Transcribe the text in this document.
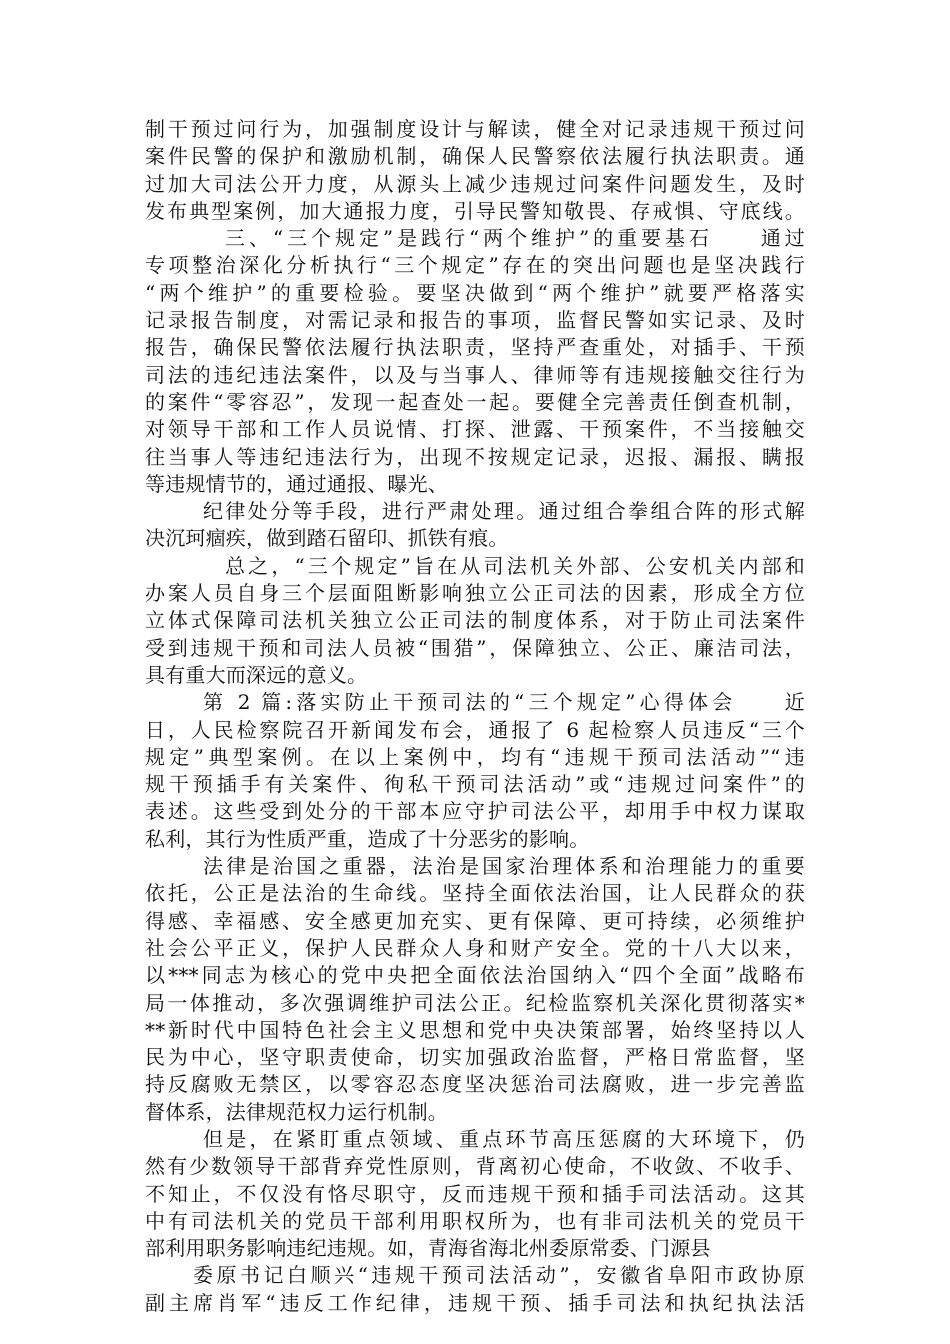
制干预过问行为，加强制度设计与解读，健全对记录违规干预过问
案件民警的保护和激励机制，确保人民警察依法履行执法职责。通
过加大司法公开力度，从源头上减少违规过问案件问题发生，及时
发布典型案例，加大通报力度，引导民警知敬畏、存戒惧、守底线。
三、“三个规定”是践行“两个维护”的重要基石　　通过
专项整治深化分析执行“三个规定”存在的突出问题也是坚决践行
“两个维护”的重要检验。要坚决做到“两个维护”就要严格落实
记录报告制度，对需记录和报告的事项，监督民警如实记录、及时
报告，确保民警依法履行执法职责，坚持严查重处，对插手、干预
司法的违纪违法案件，以及与当事人、律师等有违规接触交往行为
的案件“零容忍”，发现一起查处一起。要健全完善责任倒查机制，
对领导干部和工作人员说情、打探、泄露、干预案件，不当接触交
往当事人等违纪违法行为，出现不按规定记录，迟报、漏报、瞒报
等违规情节的，通过通报、曝光、
纪律处分等手段，进行严肃处理。通过组合拳组合阵的形式解
决沉珂痼疾，做到踏石留印、抓铁有痕。
总之，“三个规定”旨在从司法机关外部、公安机关内部和
办案人员自身三个层面阻断影响独立公正司法的因素，形成全方位
立体式保障司法机关独立公正司法的制度体系，对于防止司法案件
受到违规干预和司法人员被“围猎”，保障独立、公正、廉洁司法，
具有重大而深远的意义。
第 2 篇:落实防止干预司法的“三个规定”心得体会　　近
日，人民检察院召开新闻发布会，通报了 6 起检察人员违反“三个
规定”典型案例。在以上案例中，均有“违规干预司法活动”“违
规干预插手有关案件、徇私干预司法活动”或“违规过问案件”的
表述。这些受到处分的干部本应守护司法公平，却用手中权力谋取
私利，其行为性质严重，造成了十分恶劣的影响。
法律是治国之重器，法治是国家治理体系和治理能力的重要
依托，公正是法治的生命线。坚持全面依法治国，让人民群众的获
得感、幸福感、安全感更加充实、更有保障、更可持续，必须维护
社会公平正义，保护人民群众人身和财产安全。党的十八大以来，
以***同志为核心的党中央把全面依法治国纳入“四个全面”战略布
局一体推动，多次强调维护司法公正。纪检监察机关深化贯彻落实*
**新时代中国特色社会主义思想和党中央决策部署，始终坚持以人
民为中心，坚守职责使命，切实加强政治监督，严格日常监督，坚
持反腐败无禁区，以零容忍态度坚决惩治司法腐败，进一步完善监
督体系，法律规范权力运行机制。
但是，在紧盯重点领域、重点环节高压惩腐的大环境下，仍
然有少数领导干部背弃党性原则，背离初心使命，不收敛、不收手、
不知止，不仅没有恪尽职守，反而违规干预和插手司法活动。这其
中有司法机关的党员干部利用职权所为，也有非司法机关的党员干
部利用职务影响违纪违规。如，青海省海北州委原常委、门源县
委原书记白顺兴“违规干预司法活动”，安徽省阜阳市政协原
副主席肖军“违反工作纪律，违规干预、插手司法和执纪执法活
